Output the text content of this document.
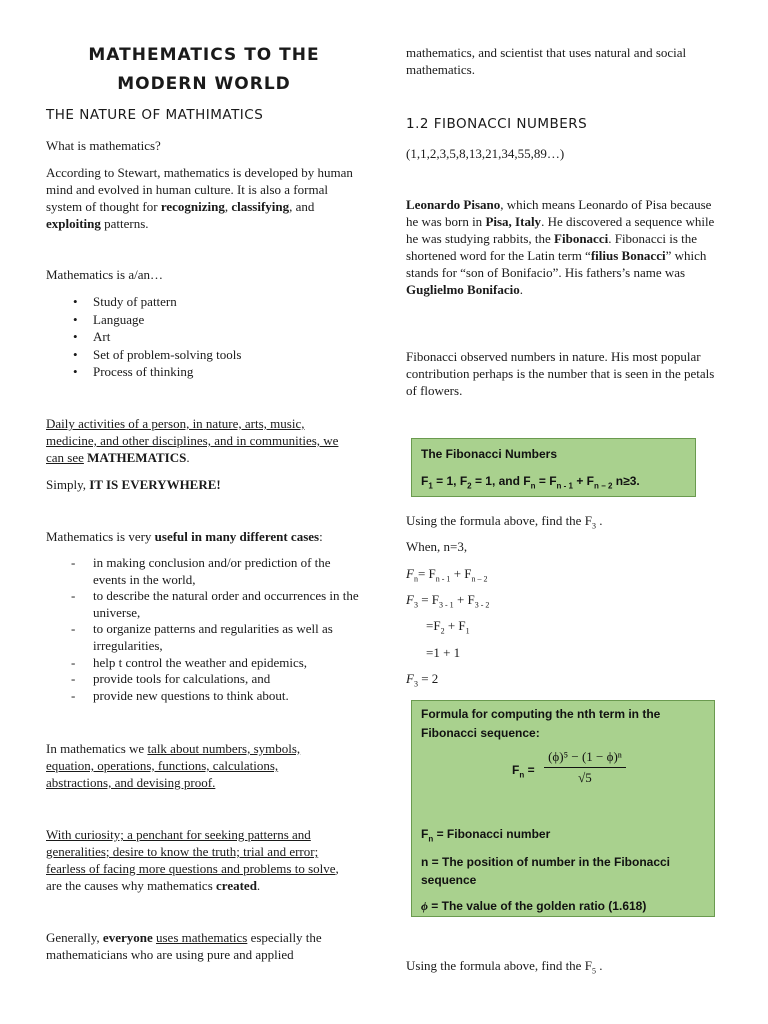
MATHEMATICS TO THE
MODERN WORLD
THE NATURE OF MATHIMATICS
What is mathematics?

According to Stewart, mathematics is developed by human mind and evolved in human culture. It is also a formal system of thought for recognizing, classifying, and exploiting patterns.

Mathematics is a/an…
• Study of pattern
• Language
• Art
• Set of problem-solving tools
• Process of thinking

Daily activities of a person, in nature, arts, music, medicine, and other disciplines, and in communities, we can see MATHEMATICS.

Simply, IT IS EVERYWHERE!
Mathematics is very useful in many different cases:
- in making conclusion and/or prediction of the events in the world,
- to describe the natural order and occurrences in the universe,
- to organize patterns and regularities as well as irregularities,
- help t control the weather and epidemics,
- provide tools for calculations, and
- provide new questions to think about.

In mathematics we talk about numbers, symbols, equation, operations, functions, calculations, abstractions, and devising proof.

With curiosity; a penchant for seeking patterns and generalities; desire to know the truth; trial and error; fearless of facing more questions and problems to solve, are the causes why mathematics created.

Generally, everyone uses mathematics especially the mathematicians who are using pure and applied

mathematics, and scientist that uses natural and social mathematics.

1.2 FIBONACCI NUMBERS
(1,1,2,3,5,8,13,21,34,55,89…)

Leonardo Pisano, which means Leonardo of Pisa because he was born in Pisa, Italy. He discovered a sequence while he was studying rabbits, the Fibonacci. Fibonacci is the shortened word for the Latin term “filius Bonacci” which stands for “son of Bonifacio”. His fathers’s name was Guglielmo Bonifacio.

Fibonacci observed numbers in nature. His most popular contribution perhaps is the number that is seen in the petals of flowers.

The Fibonacci Numbers
$F_1 = 1$, $F_2 = 1$, and $F_n = F_{n - 1} + F_{n - 2}$ n≥3.
Using the formula above, find the $F_3$ .
When, n=3,
$F_n= F_{n - 1} + F_{n - 2}$
$F_3 = F_{3 - 1} + F_{3 - 2}$
$=F_2 + F_1$
=1 + 1
$F_3 = 2$
Formula for computing the nth term in the Fibonacci sequence:
$F_n$ =
(ϕ)⁵ − (1 − ϕ)ⁿ
√5
$F_n$ = Fibonacci number
n = The position of number in the Fibonacci sequence
ϕ = The value of the golden ratio (1.618)
Using the formula above, find the $F_5$ .
